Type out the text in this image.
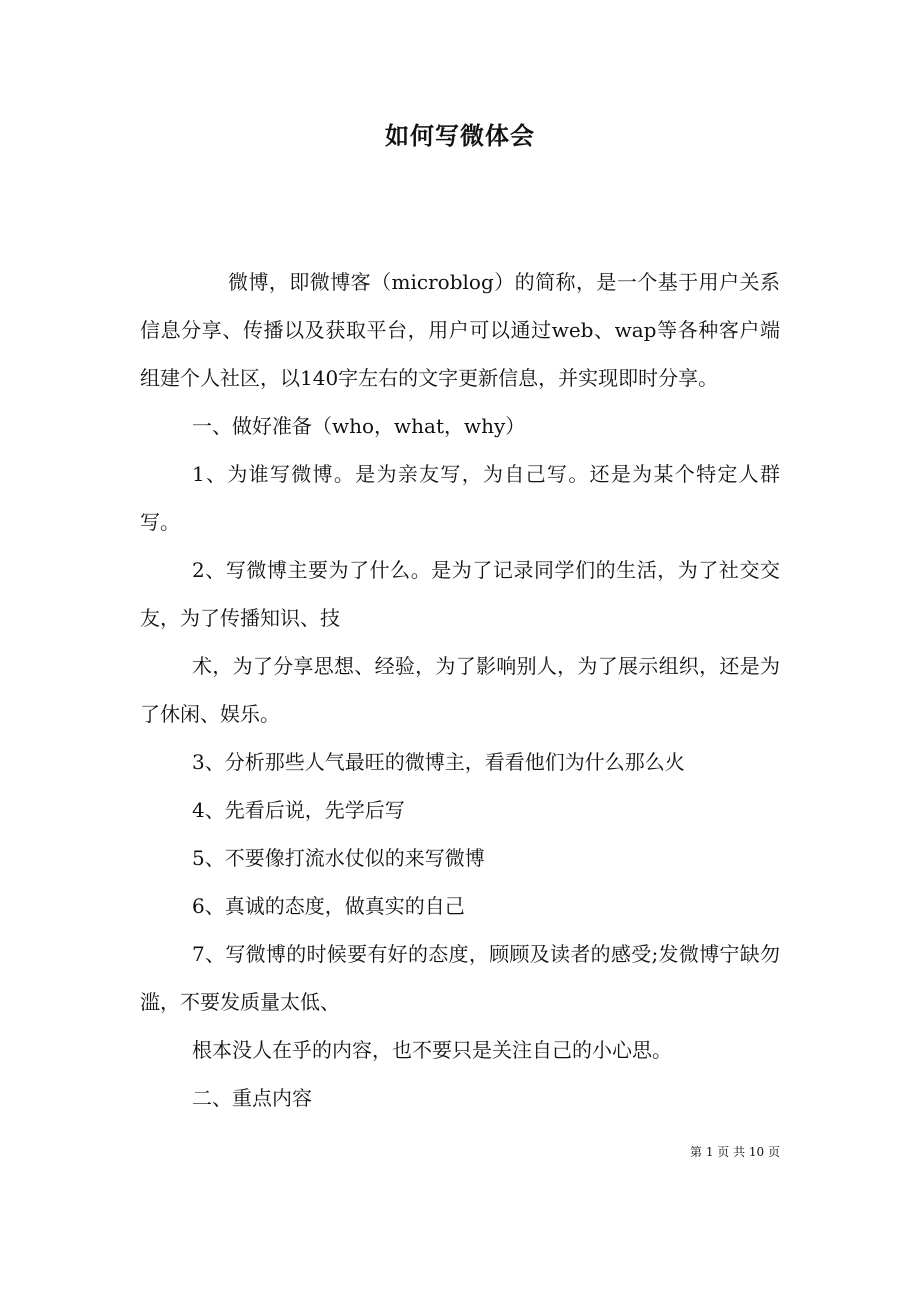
如何写微体会

微博，即微博客（microblog）的简称，是一个基于用户关系信息分享、传播以及获取平台，用户可以通过web、wap等各种客户端组建个人社区，以140字左右的文字更新信息，并实现即时分享。

一、做好准备（who，what，why）

1、为谁写微博。是为亲友写，为自己写。还是为某个特定人群写。

2、写微博主要为了什么。是为了记录同学们的生活，为了社交交友，为了传播知识、技

术，为了分享思想、经验，为了影响别人，为了展示组织，还是为了休闲、娱乐。

3、分析那些人气最旺的微博主，看看他们为什么那么火

4、先看后说，先学后写

5、不要像打流水仗似的来写微博

6、真诚的态度，做真实的自己

7、写微博的时候要有好的态度，顾顾及读者的感受;发微博宁缺勿滥，不要发质量太低、

根本没人在乎的内容，也不要只是关注自己的小心思。

二、重点内容

第 1 页 共 10 页
